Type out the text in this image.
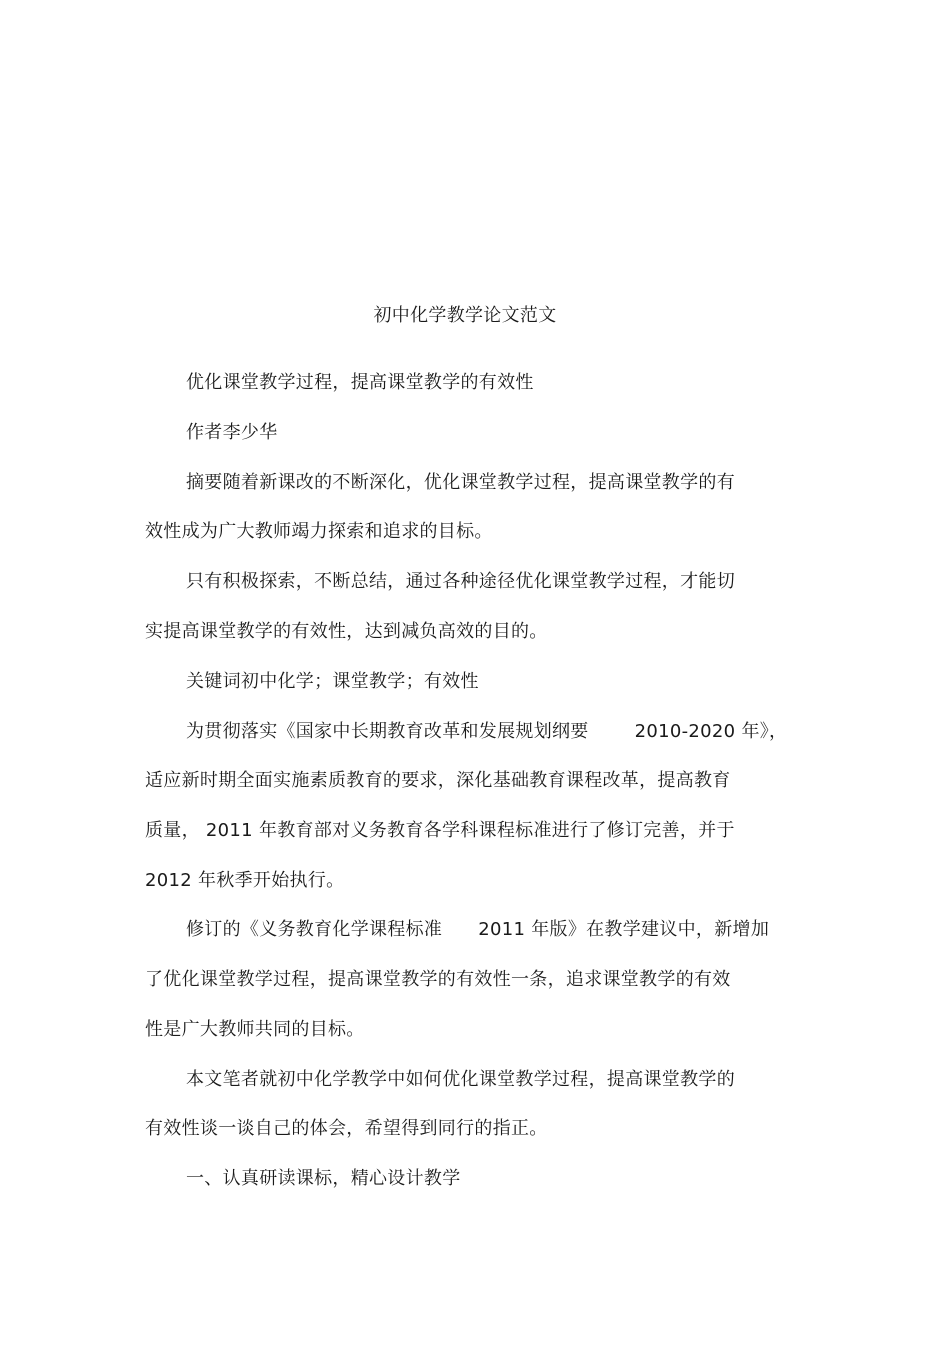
初中化学教学论文范文
优化课堂教学过程，提高课堂教学的有效性
作者李少华
摘要随着新课改的不断深化，优化课堂教学过程，提高课堂教学的有
效性成为广大教师竭力探索和追求的目标。
只有积极探索，不断总结，通过各种途径优化课堂教学过程，才能切
实提高课堂教学的有效性，达到减负高效的目的。
关键词初中化学；课堂教学；有效性
为贯彻落实《国家中长期教育改革和发展规划纲要	2010-2020 年》，
适应新时期全面实施素质教育的要求，深化基础教育课程改革，提高教育
质量， 2011 年教育部对义务教育各学科课程标准进行了修订完善，并于
2012 年秋季开始执行。
修订的《义务教育化学课程标准 2011 年版》在教学建议中，新增加
了优化课堂教学过程，提高课堂教学的有效性一条，追求课堂教学的有效
性是广大教师共同的目标。
本文笔者就初中化学教学中如何优化课堂教学过程，提高课堂教学的
有效性谈一谈自己的体会，希望得到同行的指正。
一、认真研读课标，精心设计教学
